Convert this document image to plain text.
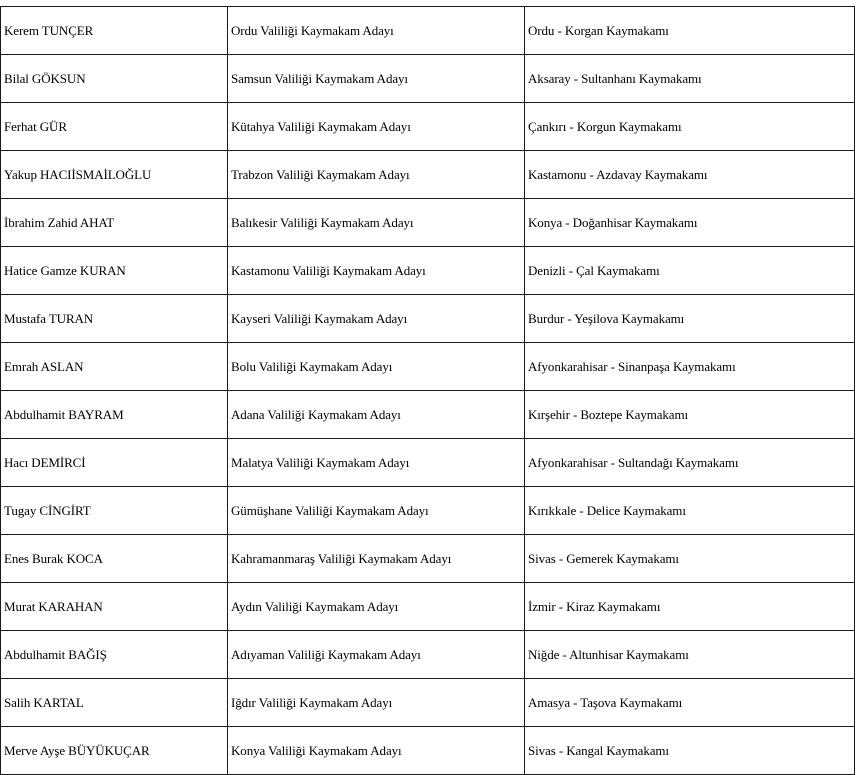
Kerem TUNÇER	Ordu Valiliği Kaymakam Adayı	Ordu - Korgan Kaymakamı
Bilal GÖKSUN	Samsun Valiliği Kaymakam Adayı	Aksaray - Sultanhanı Kaymakamı
Ferhat GÜR	Kütahya Valiliği Kaymakam Adayı	Çankırı - Korgun Kaymakamı
Yakup HACIİSMAİLOĞLU	Trabzon Valiliği Kaymakam Adayı	Kastamonu - Azdavay Kaymakamı
İbrahim Zahid AHAT	Balıkesir Valiliği Kaymakam Adayı	Konya - Doğanhisar Kaymakamı
Hatice Gamze KURAN	Kastamonu Valiliği Kaymakam Adayı	Denizli - Çal Kaymakamı
Mustafa TURAN	Kayseri Valiliği Kaymakam Adayı	Burdur - Yeşilova Kaymakamı
Emrah ASLAN	Bolu Valiliği Kaymakam Adayı	Afyonkarahisar - Sinanpaşa Kaymakamı
Abdulhamit BAYRAM	Adana Valiliği Kaymakam Adayı	Kırşehir - Boztepe Kaymakamı
Hacı DEMİRCİ	Malatya Valiliği Kaymakam Adayı	Afyonkarahisar - Sultandağı Kaymakamı
Tugay CİNGİRT	Gümüşhane Valiliği Kaymakam Adayı	Kırıkkale - Delice Kaymakamı
Enes Burak KOCA	Kahramanmaraş Valiliği Kaymakam Adayı	Sivas - Gemerek Kaymakamı
Murat KARAHAN	Aydın Valiliği Kaymakam Adayı	İzmir - Kiraz Kaymakamı
Abdulhamit BAĞIŞ	Adıyaman Valiliği Kaymakam Adayı	Niğde - Altunhisar Kaymakamı
Salih KARTAL	Iğdır Valiliği Kaymakam Adayı	Amasya - Taşova Kaymakamı
Merve Ayşe BÜYÜKUÇAR	Konya Valiliği Kaymakam Adayı	Sivas - Kangal Kaymakamı
